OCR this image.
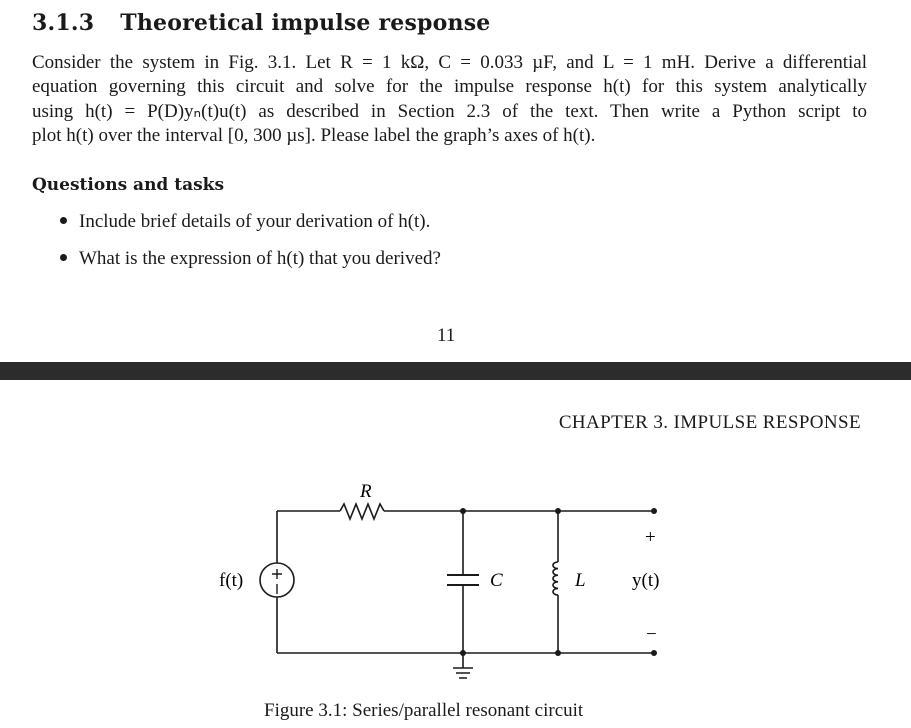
3.1.3 Theoretical impulse response
Consider the system in Fig. 3.1. Let R = 1 kΩ, C = 0.033 µF, and L = 1 mH. Derive a differential
equation governing this circuit and solve for the impulse response h(t) for this system analytically
using h(t) = P(D)yₙ(t)u(t) as described in Section 2.3 of the text. Then write a Python script to
plot h(t) over the interval [0, 300 µs]. Please label the graph’s axes of h(t).
Questions and tasks
Include brief details of your derivation of h(t).
What is the expression of h(t) that you derived?
11
CHAPTER 3. IMPULSE RESPONSE
R
f(t)	C	L
+
y(t)
−
Figure 3.1: Series/parallel resonant circuit
